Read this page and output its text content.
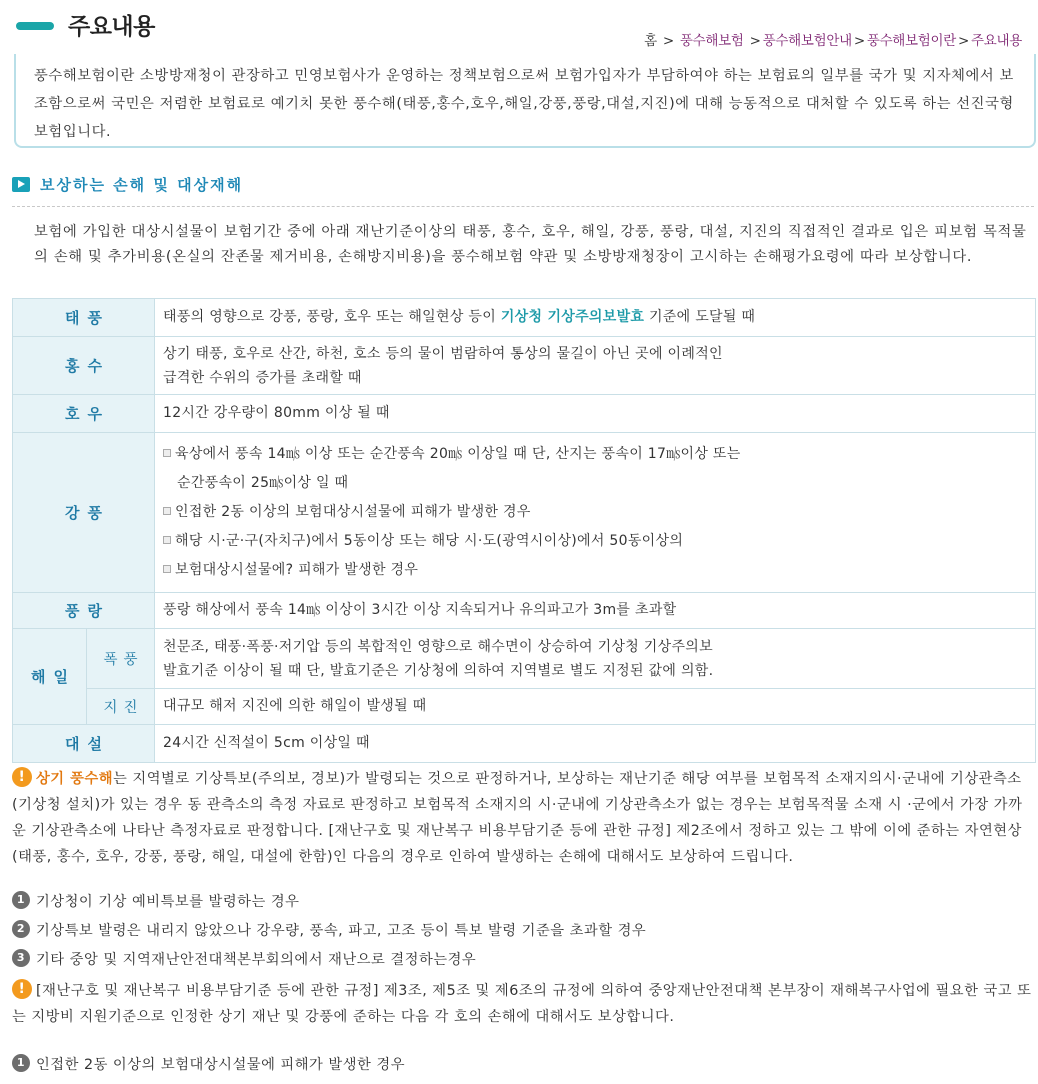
주요내용
홈 > 풍수해보험 > 풍수해보험안내 > 풍수해보험이란 > 주요내용

풍수해보험이란 소방방재청이 관장하고 민영보험사가 운영하는 정책보험으로써 보험가입자가 부담하여야 하는 보험료의 일부를 국가 및 지자체에서 보조함으로써 국민은 저렴한 보험료로 예기치 못한 풍수해(태풍,홍수,호우,해일,강풍,풍랑,대설,지진)에 대해 능동적으로 대처할 수 있도록 하는 선진국형 보험입니다.

보상하는 손해 및 대상재해
보험에 가입한 대상시설물이 보험기간 중에 아래 재난기준이상의 태풍, 홍수, 호우, 해일, 강풍, 풍랑, 대설, 지진의 직접적인 결과로 입은 피보험 목적물의 손해 및 추가비용(온실의 잔존물 제거비용, 손해방지비용)을 풍수해보험 약관 및 소방방재청장이 고시하는 손해평가요령에 따라 보상합니다.
태풍		태풍의 영향으로 강풍, 풍랑, 호우 또는 해일현상 등이 기상청 기상주의보발효 기준에 도달될 때
홍수		상기 태풍, 호우로 산간, 하천, 호소 등의 물이 범람하여 통상의 물길이 아닌 곳에 이례적인
급격한 수위의 증가를 초래할 때

호우		12시간 강우량이 80mm 이상 될 때
강풍		육상에서 풍속 14㎧ 이상 또는 순간풍속 20㎧ 이상일 때 단, 산지는 풍속이 17㎧이상 또는
순간풍속이 25㎧이상 일 때
인접한 2동 이상의 보험대상시설물에 피해가 발생한 경우
해당 시·군·구(자치구)에서 5동이상 또는 해당 시·도(광역시이상)에서 50동이상의
보험대상시설물에? 피해가 발생한 경우

풍랑		풍랑 해상에서 풍속 14㎧ 이상이 3시간 이상 지속되거나 유의파고가 3m를 초과할
해일	폭풍	천문조, 태풍·폭풍·저기압 등의 복합적인 영향으로 해수면이 상승하여 기상청 기상주의보
발효기준 이상이 될 때 단, 발효기준은 기상청에 의하여 지역별로 별도 지정된 값에 의함.

	지진	대규모 해저 지진에 의한 해일이 발생될 때
대설		24시간 신적설이 5cm 이상일 때
! 상기 풍수해는 지역별로 기상특보(주의보, 경보)가 발령되는 것으로 판정하거나, 보상하는 재난기준 해당 여부를 보험목적 소재지의시·군내에 기상관측소(기상청 설치)가 있는 경우 동 관측소의 측정 자료로 판정하고 보험목적 소재지의 시·군내에 기상관측소가 없는 경우는 보험목적물 소재 시 ·군에서 가장 가까운 기상관측소에 나타난 측정자료로 판정합니다. [재난구호 및 재난복구 비용부담기준 등에 관한 규정] 제2조에서 정하고 있는 그 밖에 이에 준하는 자연현상(태풍, 홍수, 호우, 강풍, 풍랑, 해일, 대설에 한함)인 다음의 경우로 인하여 발생하는 손해에 대해서도 보상하여 드립니다.
1 기상청이 기상 예비특보를 발령하는 경우
2 기상특보 발령은 내리지 않았으나 강우량, 풍속, 파고, 고조 등이 특보 발령 기준을 초과할 경우
3 기타 중앙 및 지역재난안전대책본부회의에서 재난으로 결정하는경우
! [재난구호 및 재난복구 비용부담기준 등에 관한 규정] 제3조, 제5조 및 제6조의 규정에 의하여 중앙재난안전대책 본부장이 재해복구사업에 필요한 국고 또는 지방비 지원기준으로 인정한 상기 재난 및 강풍에 준하는 다음 각 호의 손해에 대해서도 보상합니다.
1 인접한 2동 이상의 보험대상시설물에 피해가 발생한 경우
